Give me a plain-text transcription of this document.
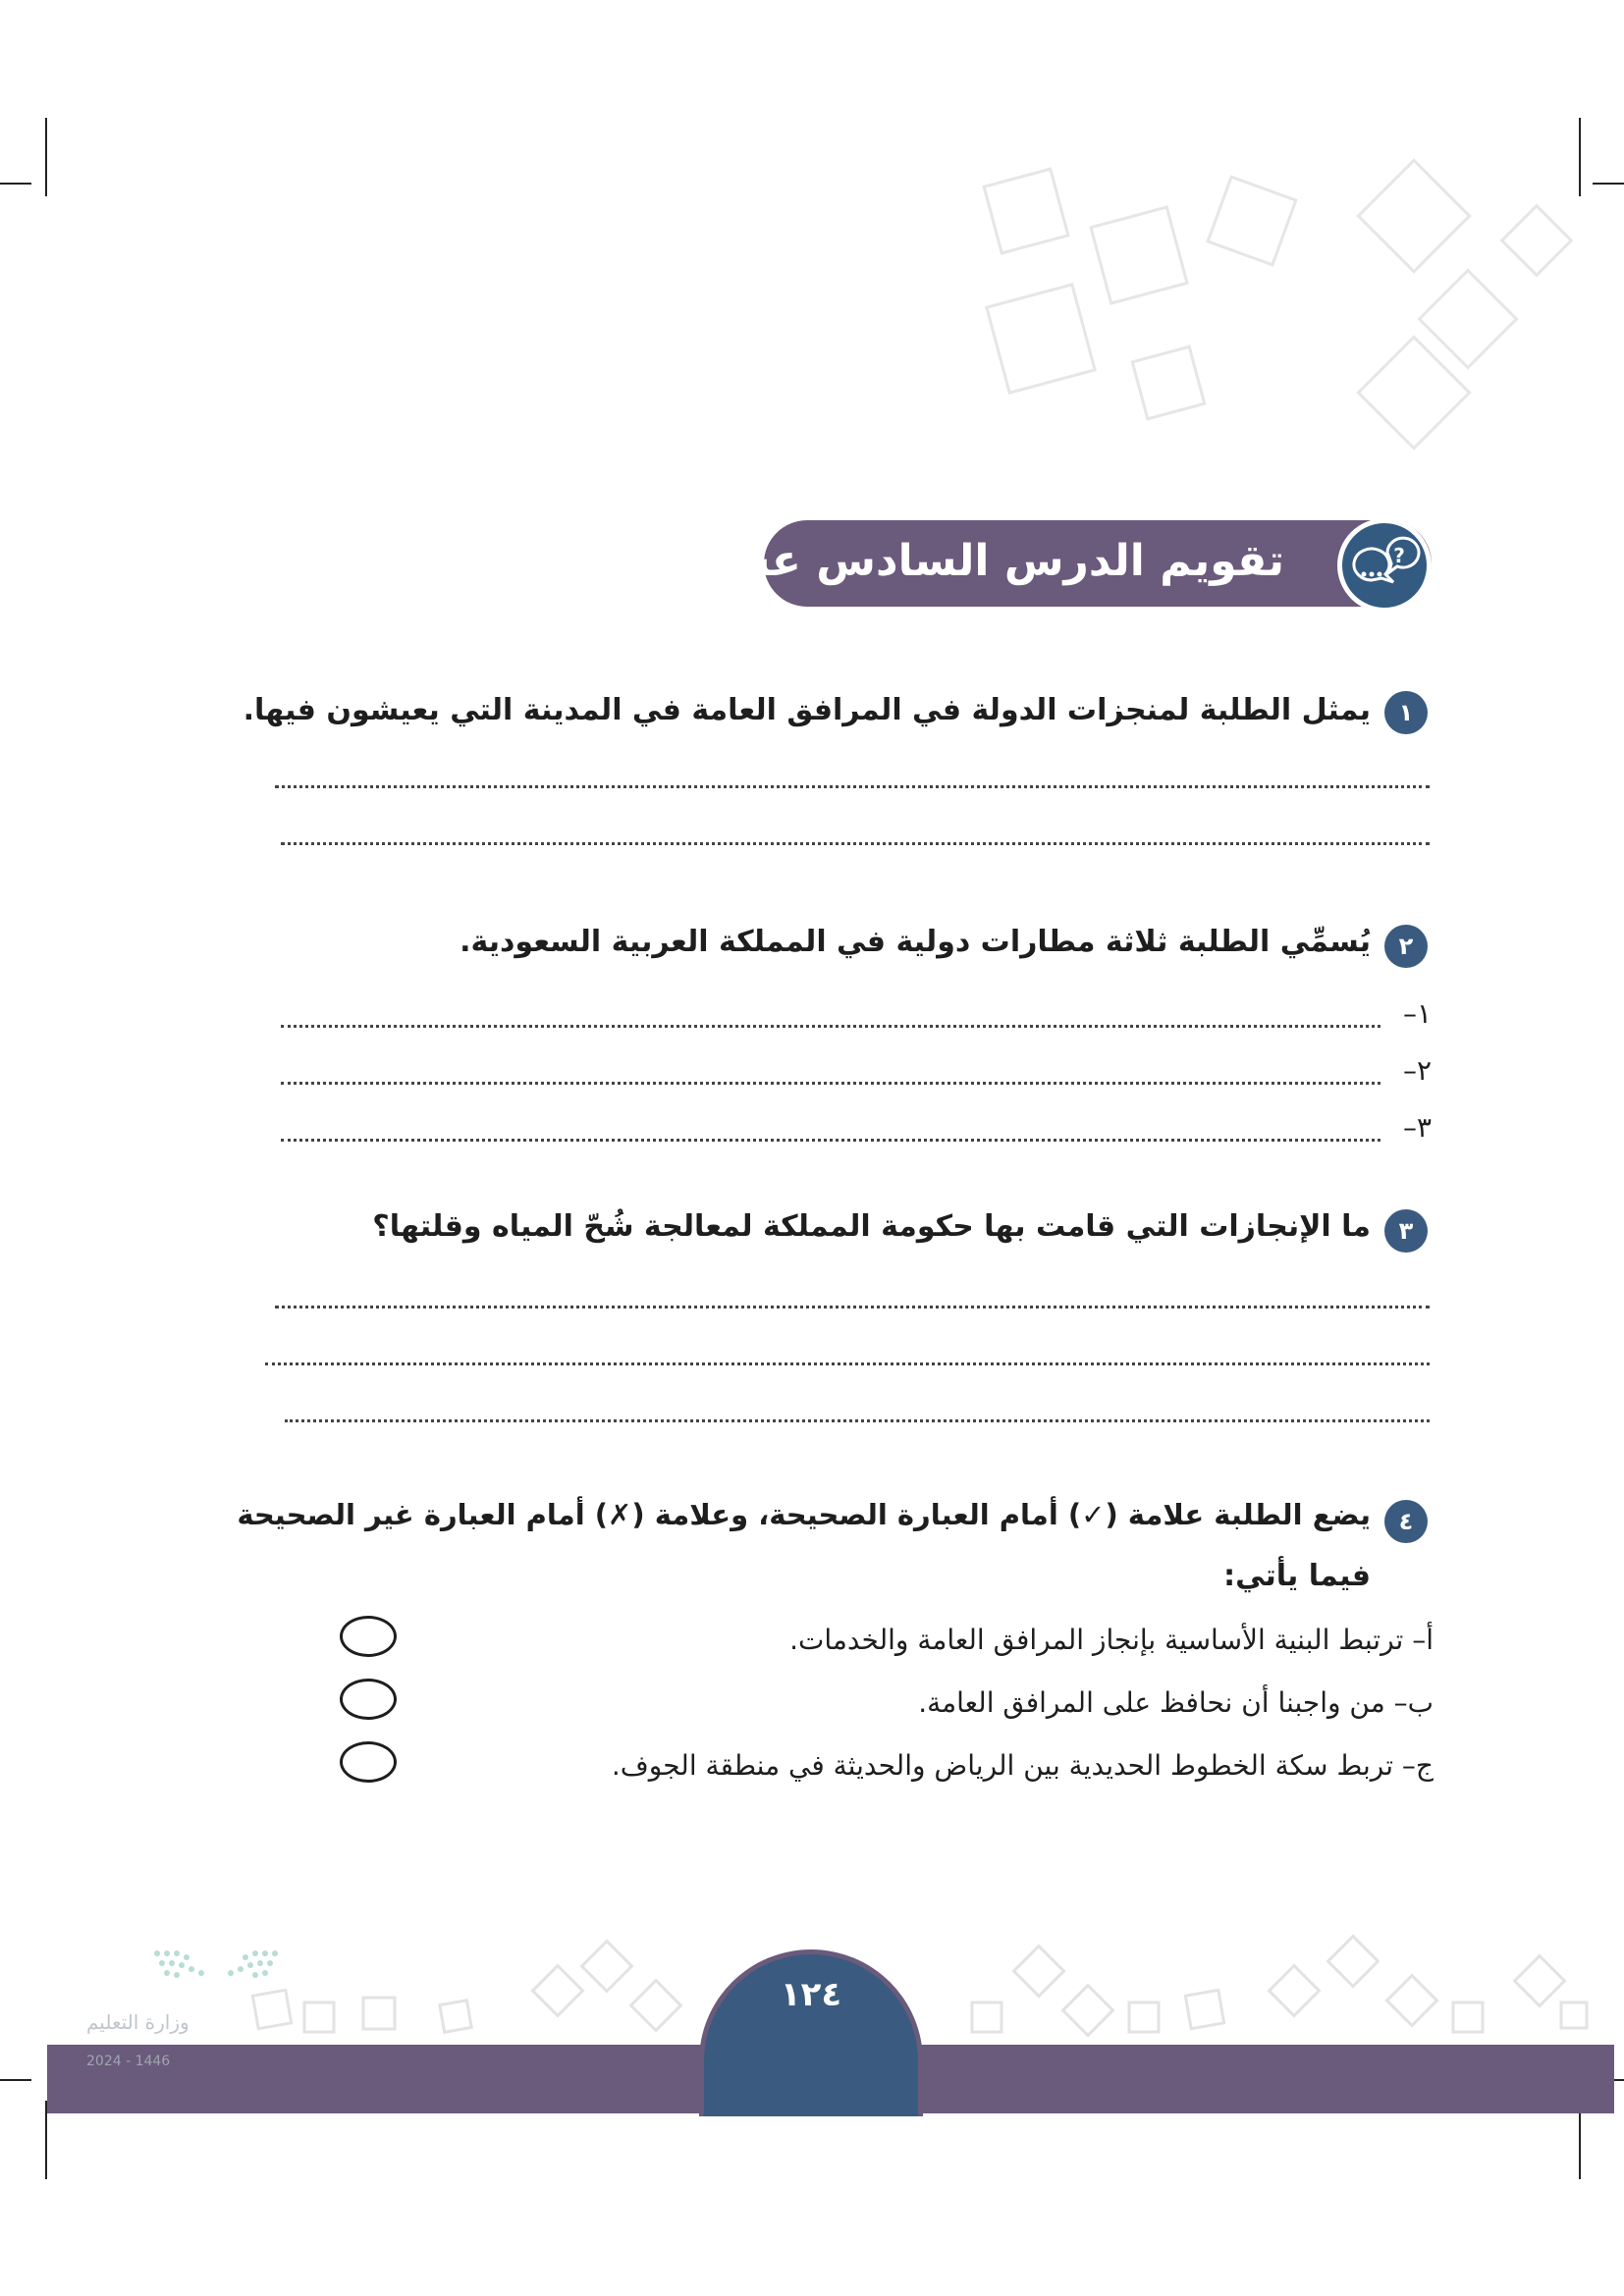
تقويم الدرس السادس عشر	?
١
يمثل الطلبة لمنجزات الدولة في المرافق العامة في المدينة التي يعيشون فيها.
٢
يُسمِّي الطلبة ثلاثة مطارات دولية في المملكة العربية السعودية.
١–
٢–
٣–
٣
ما الإنجازات التي قامت بها حكومة المملكة لمعالجة شُحّ المياه وقلتها؟
٤
يضع الطلبة علامة (✓) أمام العبارة الصحيحة، وعلامة (✗) أمام العبارة غير الصحيحة
فيما يأتي:
أ– ترتبط البنية الأساسية بإنجاز المرافق العامة والخدمات.
ب– من واجبنا أن نحافظ على المرافق العامة.
ج– تربط سكة الخطوط الحديدية بين الرياض والحديثة في منطقة الجوف.
وزارة التعليم
2024 - 1446
١٢٤
